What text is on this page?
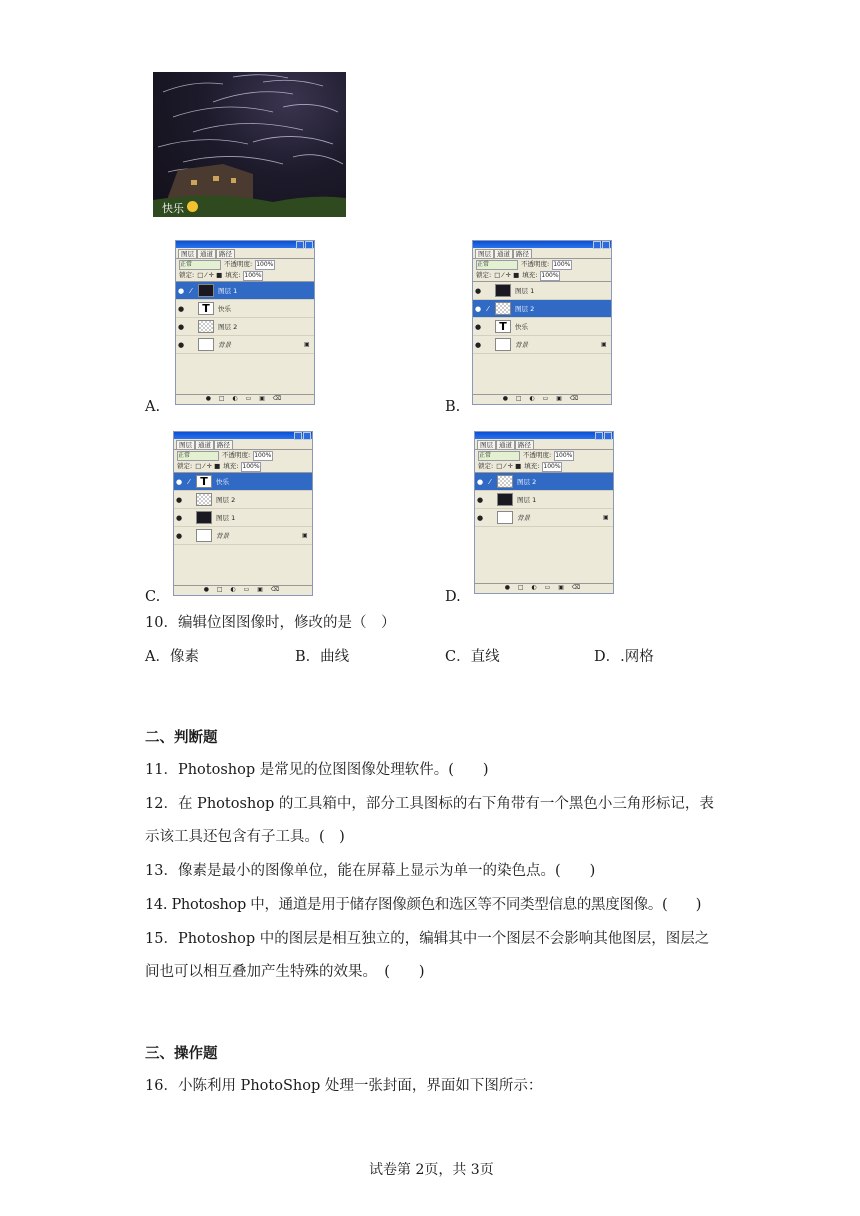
快乐
A.
图层 通道 路径
正常	不透明度: 100%
锁定: □ ⁄ ✛ ■ 填充: 100%
● ⁄	图层 1
●	T	快乐
●	图层 2
●	背景	▣
● □ ◐ ▭ ▣ ⌫
B.
图层 通道 路径
正常	不透明度: 100%
锁定: □ ⁄ ✛ ■ 填充: 100%
●	图层 1
● ⁄	图层 2
●	T	快乐
●	背景	▣
● □ ◐ ▭ ▣ ⌫
C.
图层 通道 路径
正常	不透明度: 100%
锁定: □ ⁄ ✛ ■ 填充: 100%
● ⁄ T	快乐
●	图层 2
●	图层 1
●	背景	▣
● □ ◐ ▭ ▣ ⌫	D.
图层 通道 路径
正常	不透明度: 100%
锁定: □ ⁄ ✛ ■ 填充: 100%
● ⁄	图层 2
●	图层 1
●	背景	▣
● □ ◐ ▭ ▣ ⌫
10．编辑位图图像时，修改的是（　）
A．像素	B．曲线	C．直线	D．.网格
二、判断题
11．Photoshop 是常见的位图图像处理软件。(　　)
12．在 Photoshop 的工具箱中，部分工具图标的右下角带有一个黑色小三角形标记，表
示该工具还包含有子工具。(　)
13．像素是最小的图像单位，能在屏幕上显示为单一的染色点。(　　)
14. Photoshop 中，通道是用于储存图像颜色和选区等不同类型信息的黑度图像。(　　)
15．Photoshop 中的图层是相互独立的，编辑其中一个图层不会影响其他图层，图层之
间也可以相互叠加产生特殊的效果。　(　　)
三、操作题
16．小陈利用 PhotoShop 处理一张封面，界面如下图所示：
试卷第 2页，共 3页
